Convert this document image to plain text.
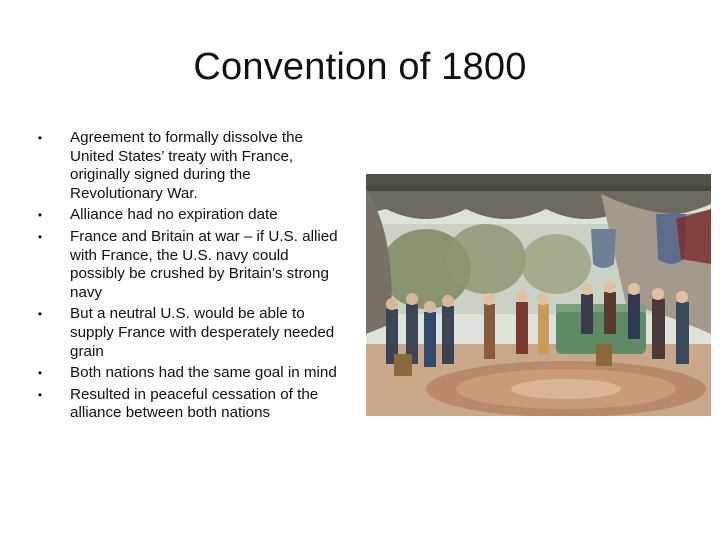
Convention of 1800
• Agreement to formally dissolve the United States’ treaty with France, originally signed during the Revolutionary War.
• Alliance had no expiration date
• France and Britain at war – if U.S. allied with France, the U.S. navy could possibly be crushed by Britain’s strong navy
• But a neutral U.S. would be able to supply France with desperately needed grain
• Both nations had the same goal in mind
• Resulted in peaceful cessation of the alliance between both nations
